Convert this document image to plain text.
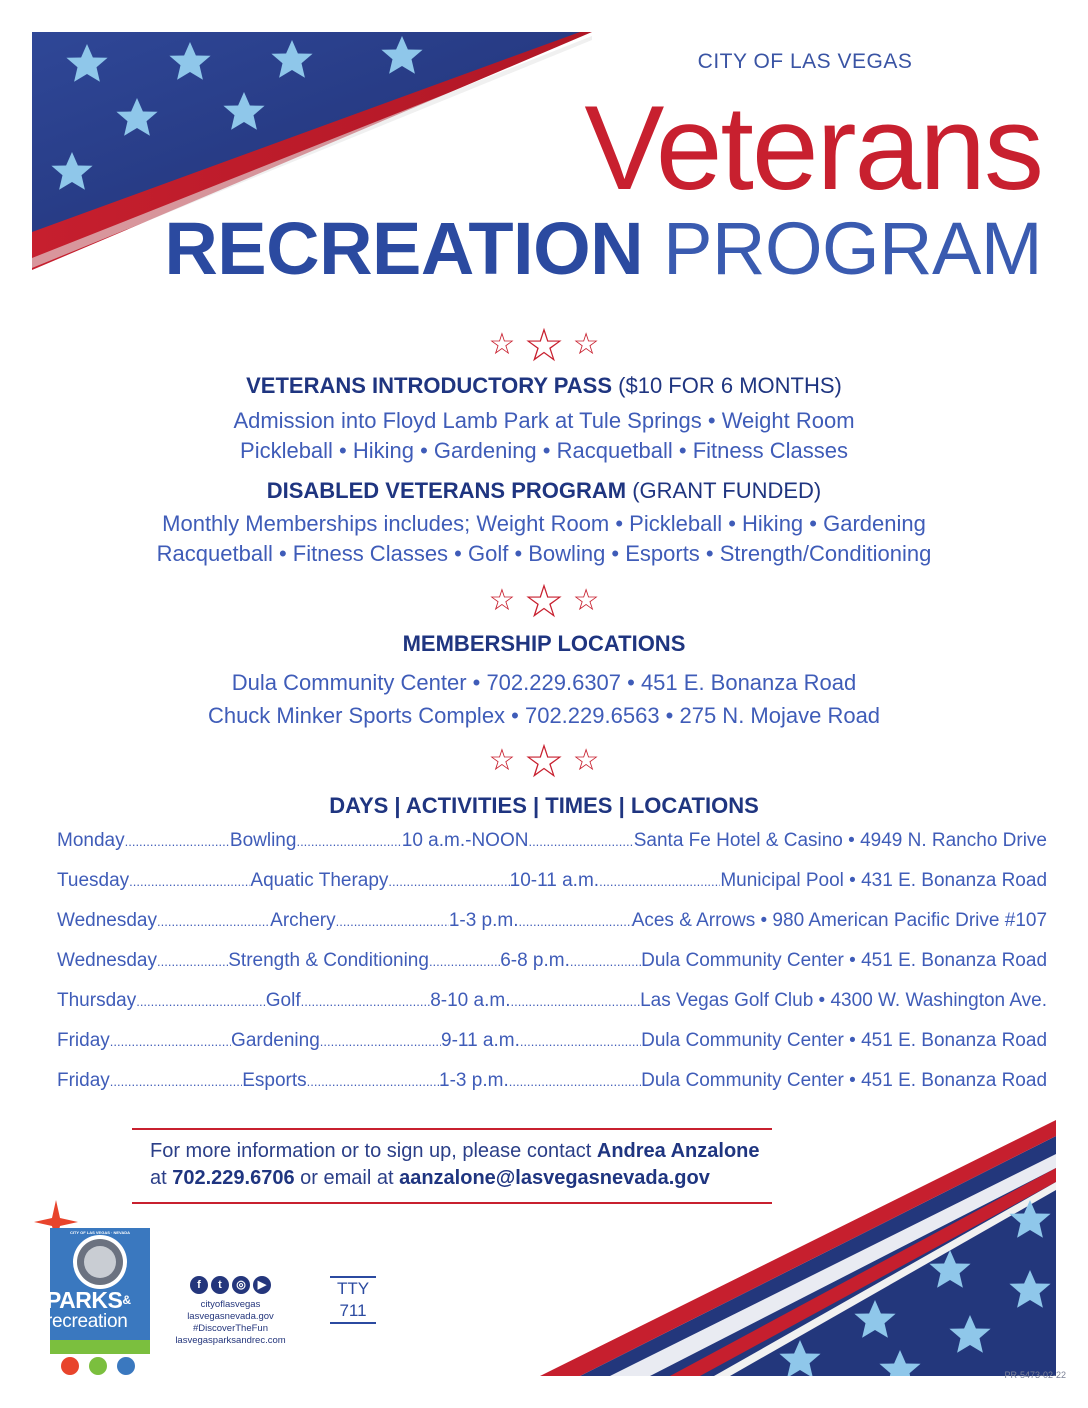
CITY OF LAS VEGAS
Veterans
RECREATION PROGRAM
☆ ☆ ☆
VETERANS INTRODUCTORY PASS ($10 FOR 6 MONTHS)
Admission into Floyd Lamb Park at Tule Springs • Weight Room
Pickleball • Hiking • Gardening • Racquetball • Fitness Classes
DISABLED VETERANS PROGRAM (GRANT FUNDED)
Monthly Memberships includes; Weight Room • Pickleball • Hiking • Gardening
Racquetball • Fitness Classes • Golf • Bowling • Esports • Strength/Conditioning
☆ ☆ ☆
MEMBERSHIP LOCATIONS
Dula Community Center • 702.229.6307 • 451 E. Bonanza Road
Chuck Minker Sports Complex • 702.229.6563 • 275 N. Mojave Road
☆ ☆ ☆
DAYS | ACTIVITIES | TIMES | LOCATIONS
Monday .....	Bowling .....	10 a.m.-NOON .....	Santa Fe Hotel & Casino • 4949 N. Rancho Drive
Tuesday .....	Aquatic Therapy .....	10-11 a.m. .....	Municipal Pool • 431 E. Bonanza Road
Wednesday .....	Archery .....	1-3 p.m. .....	Aces & Arrows • 980 American Pacific Drive #107
Wednesday .....	Strength & Conditioning .....	6-8 p.m. .....	Dula Community Center • 451 E. Bonanza Road
Thursday .....	Golf .....	8-10 a.m. .....	Las Vegas Golf Club • 4300 W. Washington Ave.
Friday .....	Gardening .....	9-11 a.m. .....	Dula Community Center • 451 E. Bonanza Road
Friday .....	Esports .....	1-3 p.m. .....	Dula Community Center • 451 E. Bonanza Road
For more information or to sign up, please contact Andrea Anzalone
at 702.229.6706 or email at aanzalone@lasvegasnevada.gov
CITY OF LAS VEGAS · NEVADA
PARKS&
recreation
f	t	◎	▶
cityoflasvegas
lasvegasnevada.gov
#DiscoverTheFun
lasvegasparksandrec.com
TTY
711
PR-5473-02-22
